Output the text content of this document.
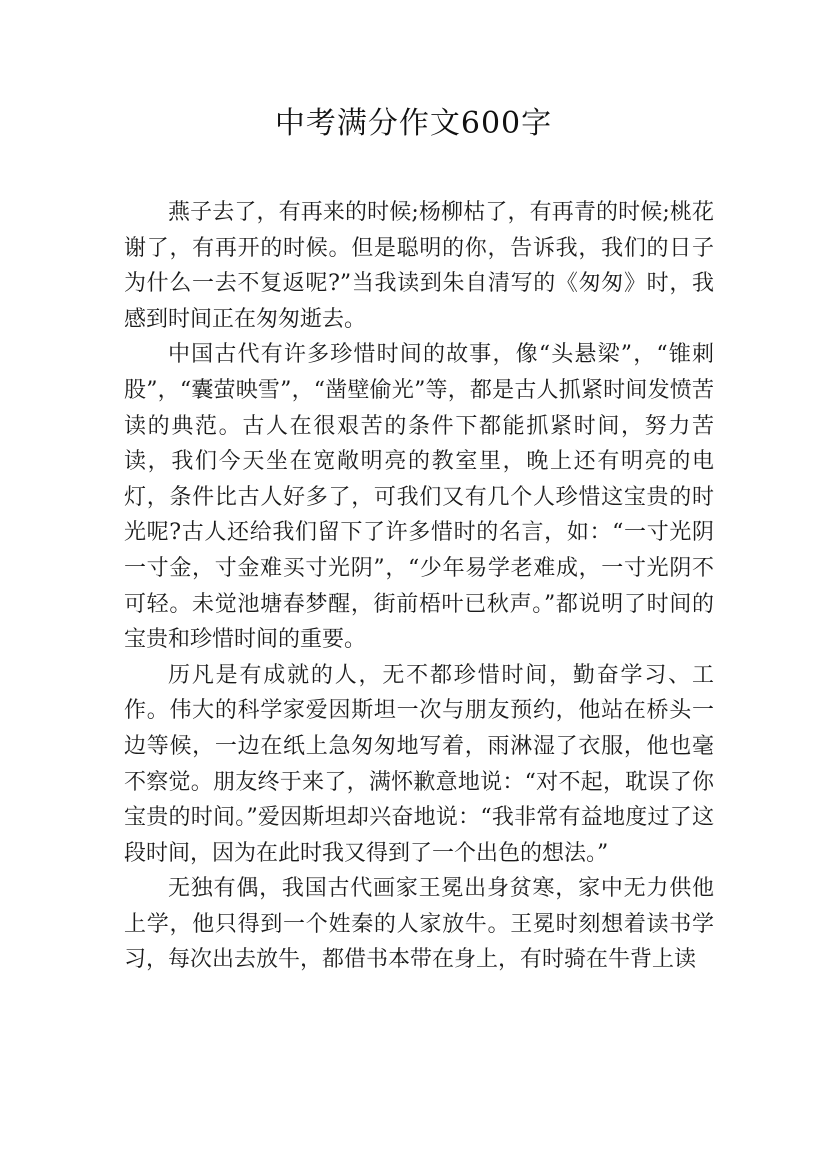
中考满分作文600字

燕子去了，有再来的时候;杨柳枯了，有再青的时候;桃花谢了，有再开的时候。但是聪明的你，告诉我，我们的日子为什么一去不复返呢?”当我读到朱自清写的《匆匆》时，我感到时间正在匆匆逝去。

中国古代有许多珍惜时间的故事，像“头悬梁”，“锥刺股”，“囊萤映雪”，“凿壁偷光”等，都是古人抓紧时间发愤苦读的典范。古人在很艰苦的条件下都能抓紧时间，努力苦读，我们今天坐在宽敞明亮的教室里，晚上还有明亮的电灯，条件比古人好多了，可我们又有几个人珍惜这宝贵的时光呢?古人还给我们留下了许多惜时的名言，如：“一寸光阴一寸金，寸金难买寸光阴”，“少年易学老难成，一寸光阴不可轻。未觉池塘春梦醒，街前梧叶已秋声。”都说明了时间的宝贵和珍惜时间的重要。

历凡是有成就的人，无不都珍惜时间，勤奋学习、工作。伟大的科学家爱因斯坦一次与朋友预约，他站在桥头一边等候，一边在纸上急匆匆地写着，雨淋湿了衣服，他也毫不察觉。朋友终于来了，满怀歉意地说：“对不起，耽误了你宝贵的时间。”爱因斯坦却兴奋地说：“我非常有益地度过了这段时间，因为在此时我又得到了一个出色的想法。”

无独有偶，我国古代画家王冕出身贫寒，家中无力供他上学，他只得到一个姓秦的人家放牛。王冕时刻想着读书学习，每次出去放牛，都借书本带在身上，有时骑在牛背上读
